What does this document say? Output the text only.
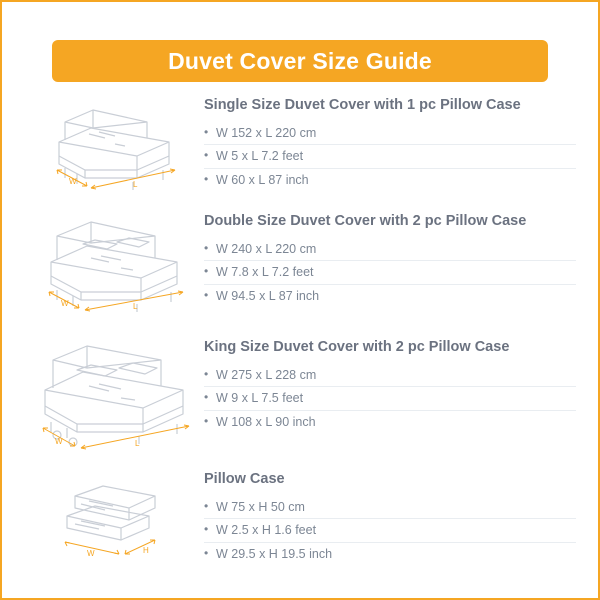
Duvet Cover Size Guide
W	L
Single Size Duvet Cover with 1 pc Pillow Case
• W 152 x L 220 cm
• W 5 x L 7.2 feet
• W 60 x L 87 inch
W	L
Double Size Duvet Cover with 2 pc Pillow Case
• W 240 x L 220 cm
• W 7.8 x L 7.2 feet
• W 94.5 x L 87 inch
W	L
King Size Duvet Cover with 2 pc Pillow Case
• W 275 x L 228 cm
• W 9 x L 7.5 feet
• W 108 x L 90 inch
W	H
Pillow Case
• W 75 x H 50 cm
• W 2.5 x H 1.6 feet
• W 29.5 x H 19.5 inch
